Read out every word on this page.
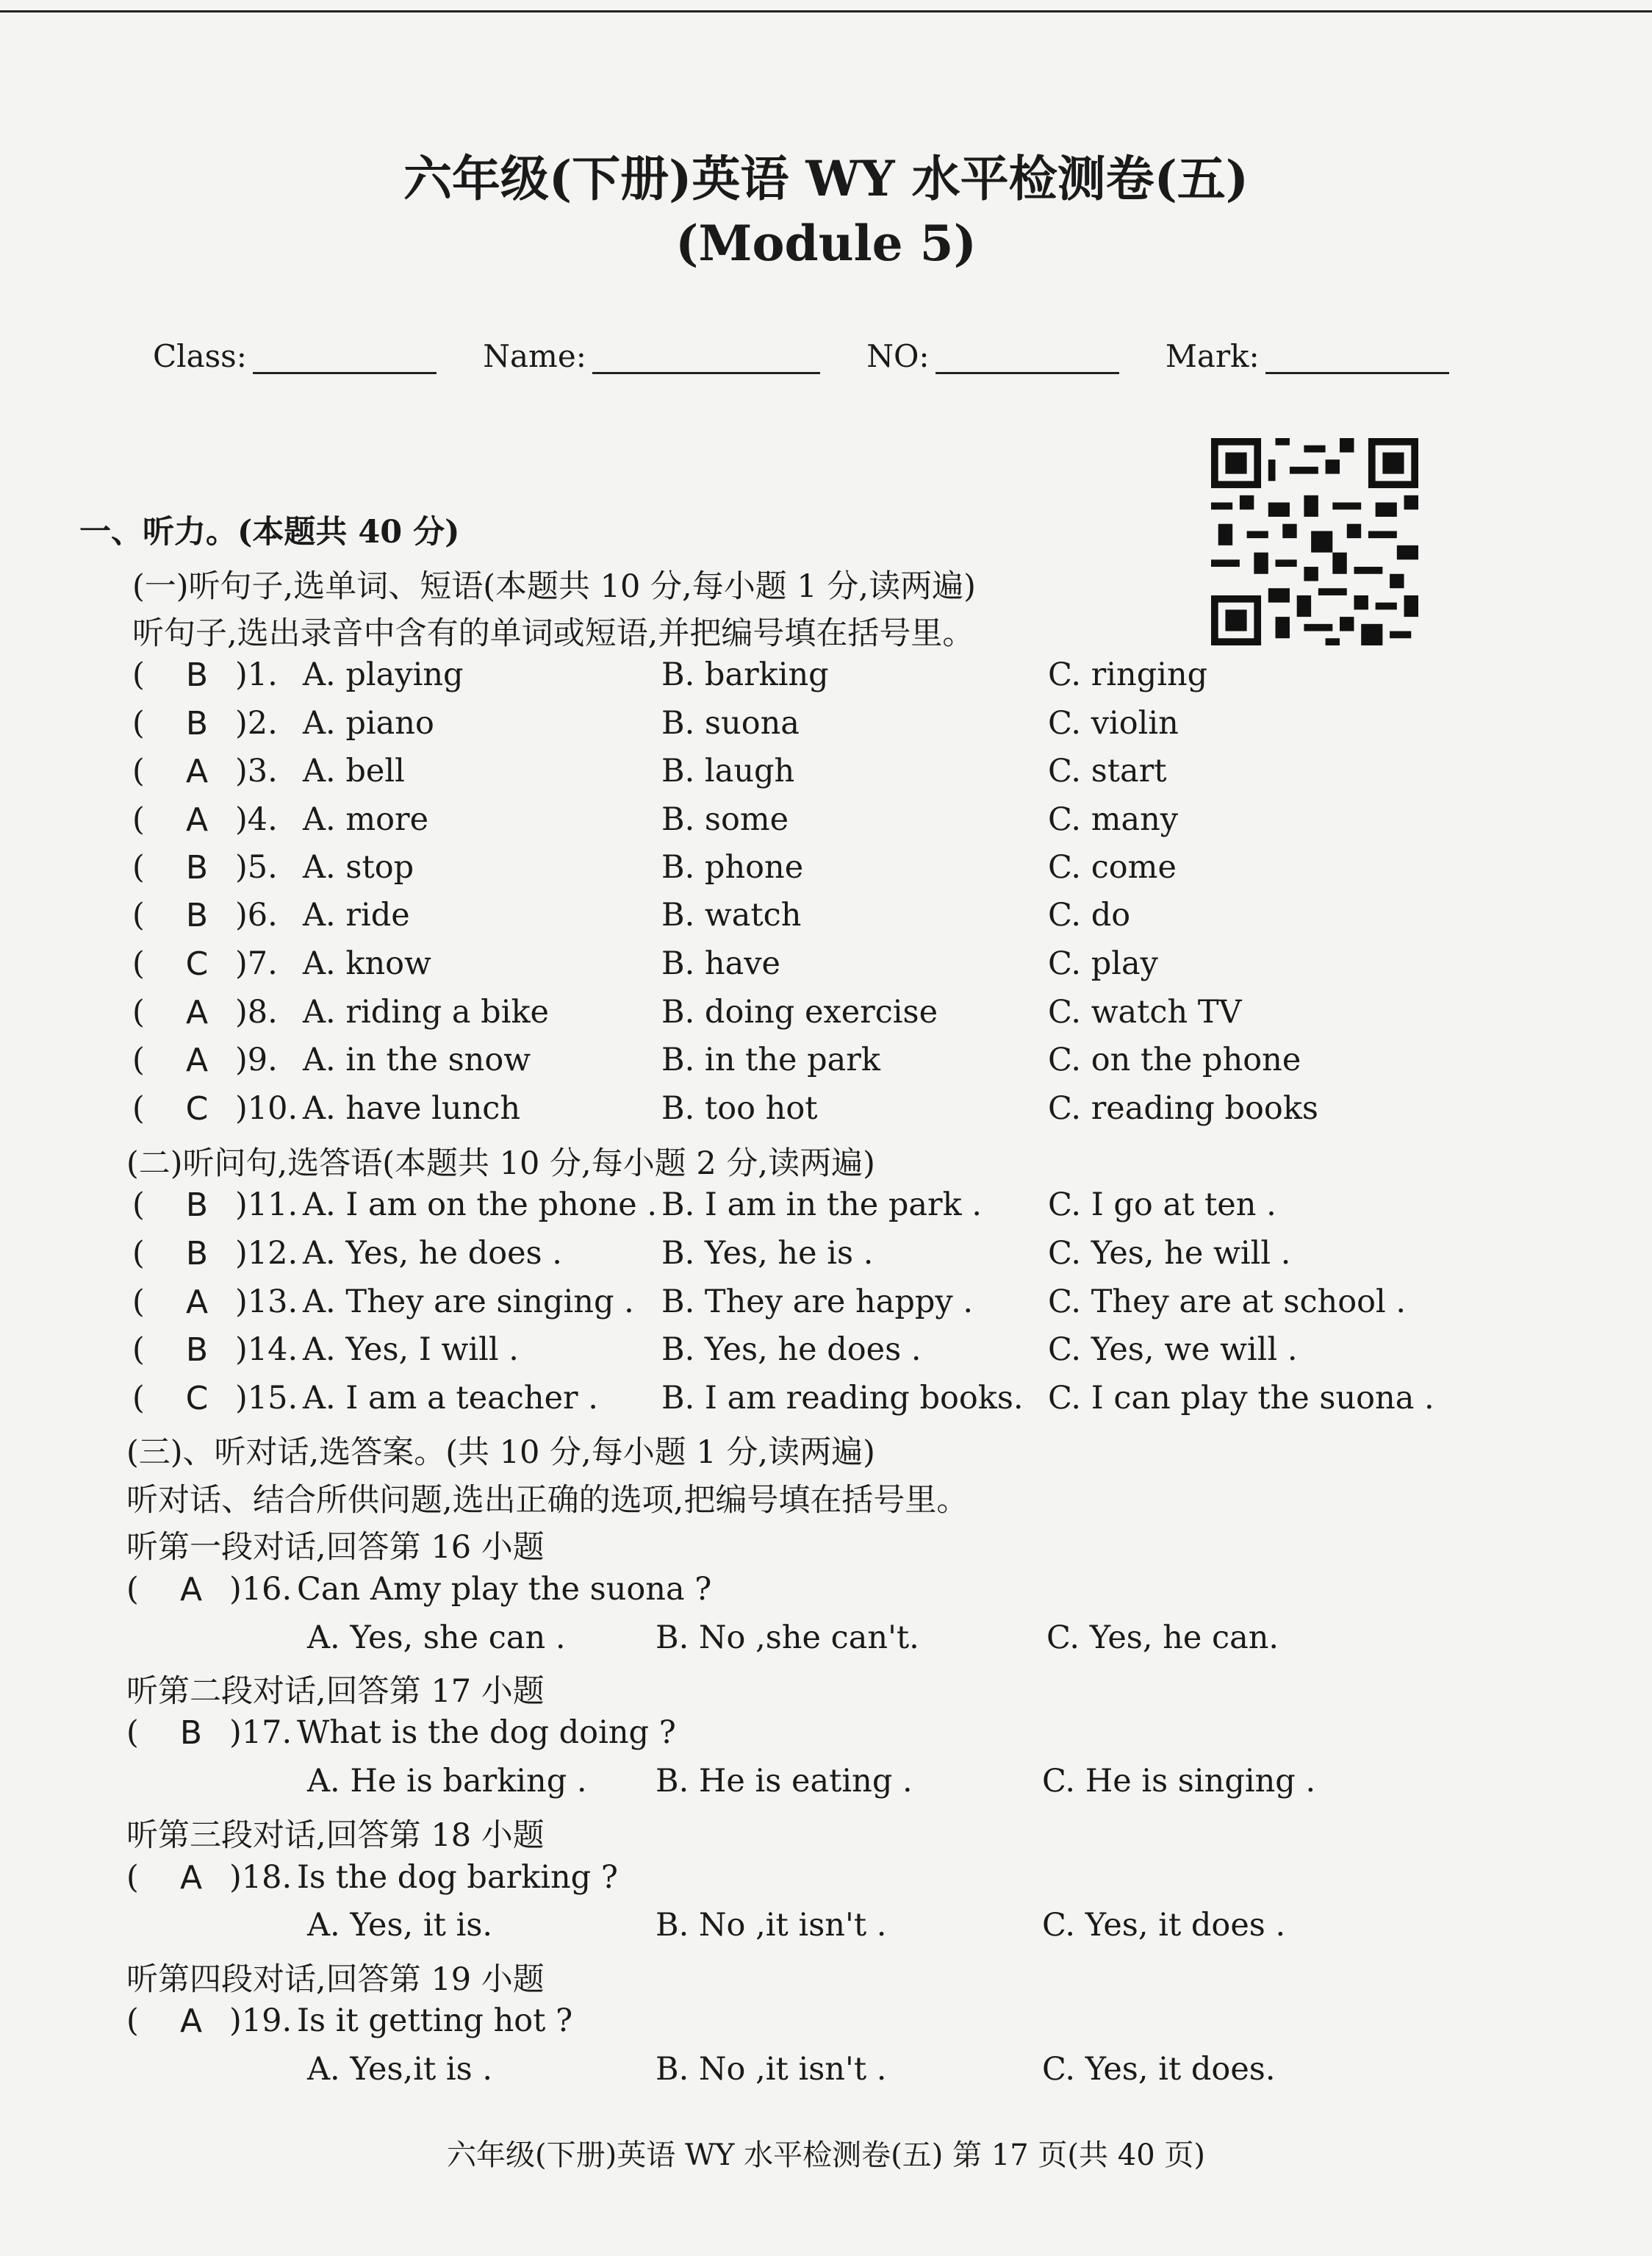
六年级(下册)英语 WY 水平检测卷(五)
(Module 5)
Class:	Name:	NO:	Mark:
一、听力。(本题共 40 分)
(一)听句子,选单词、短语(本题共 10 分,每小题 1 分,读两遍)
听句子,选出录音中含有的单词或短语,并把编号填在括号里。
( B )1. A. playing	B. barking	C. ringing
( B )2. A. piano	B. suona	C. violin
( A )3. A. bell	B. laugh	C. start
( A )4. A. more	B. some	C. many
( B )5. A. stop	B. phone	C. come
( B )6. A. ride	B. watch	C. do
( C )7. A. know	B. have	C. play
( A )8. A. riding a bike	B. doing exercise	C. watch TV
( A )9. A. in the snow	B. in the park	C. on the phone
( C )10. A. have lunch	B. too hot	C. reading books
(二)听问句,选答语(本题共 10 分,每小题 2 分,读两遍)
( B )11. A. I am on the phone . B. I am in the park . C. I go at ten .
( B )12. A. Yes, he does .	B. Yes, he is .	C. Yes, he will .
( A )13. A. They are singing . B. They are happy . C. They are at school .
( B )14. A. Yes, I will .	B. Yes, he does .	C. Yes, we will .
( C )15. A. I am a teacher . B. I am reading books. C. I can play the suona .
(三)、听对话,选答案。(共 10 分,每小题 1 分,读两遍)
听对话、结合所供问题,选出正确的选项,把编号填在括号里。
听第一段对话,回答第 16 小题
( A )16. Can Amy play the suona ?
A. Yes, she can .	B. No ,she can't.	C. Yes, he can.
听第二段对话,回答第 17 小题
( B )17. What is the dog doing ?
A. He is barking . B. He is eating .	C. He is singing .
听第三段对话,回答第 18 小题
( A )18. Is the dog barking ?
A. Yes, it is.	B. No ,it isn't .	C. Yes, it does .
听第四段对话,回答第 19 小题
( A )19. Is it getting hot ?
A. Yes,it is .	B. No ,it isn't .	C. Yes, it does.
六年级(下册)英语 WY 水平检测卷(五) 第 17 页(共 40 页)
